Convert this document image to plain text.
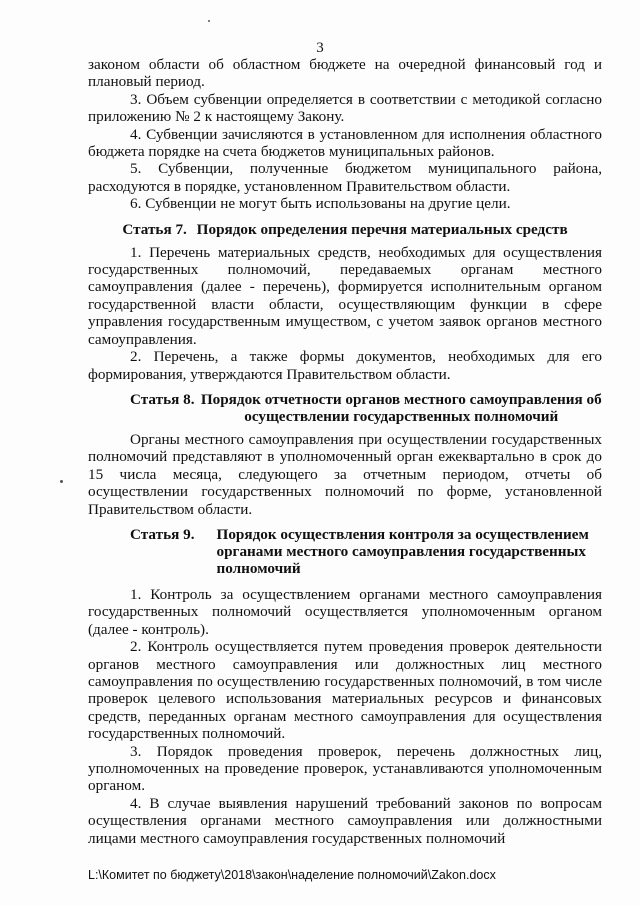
3

законом области об областном бюджете на очередной финансовый год и плановый период.

3. Объем субвенции определяется в соответствии с методикой согласно приложению № 2 к настоящему Закону.

4. Субвенции зачисляются в установленном для исполнения областного бюджета порядке на счета бюджетов муниципальных районов.

5. Субвенции, полученные бюджетом муниципального района, расходуются в порядке, установленном Правительством области.

6. Субвенции не могут быть использованы на другие цели.

Статья 7. Порядок определения перечня материальных средств

1. Перечень материальных средств, необходимых для осуществления государственных полномочий, передаваемых органам местного самоуправления (далее - перечень), формируется исполнительным органом государственной власти области, осуществляющим функции в сфере управления государственным имуществом, с учетом заявок органов местного самоуправления.

2. Перечень, а также формы документов, необходимых для его формирования, утверждаются Правительством области.

Статья 8. Порядок отчетности органов местного самоуправления об осуществлении государственных полномочий

Органы местного самоуправления при осуществлении государственных полномочий представляют в уполномоченный орган ежеквартально в срок до 15 числа месяца, следующего за отчетным периодом, отчеты об осуществлении государственных полномочий по форме, установленной Правительством области.

Статья 9.	Порядок осуществления контроля за осуществлением органами местного самоуправления государственных полномочий

1. Контроль за осуществлением органами местного самоуправления государственных полномочий осуществляется уполномоченным органом (далее - контроль).

2. Контроль осуществляется путем проведения проверок деятельности органов местного самоуправления или должностных лиц местного самоуправления по осуществлению государственных полномочий, в том числе проверок целевого использования материальных ресурсов и финансовых средств, переданных органам местного самоуправления для осуществления государственных полномочий.

3. Порядок проведения проверок, перечень должностных лиц, уполномоченных на проведение проверок, устанавливаются уполномоченным органом.

4. В случае выявления нарушений требований законов по вопросам осуществления органами местного самоуправления или должностными лицами местного самоуправления государственных полномочий

L:\Комитет по бюджету\2018\закон\наделение полномочий\Zakon.docx
